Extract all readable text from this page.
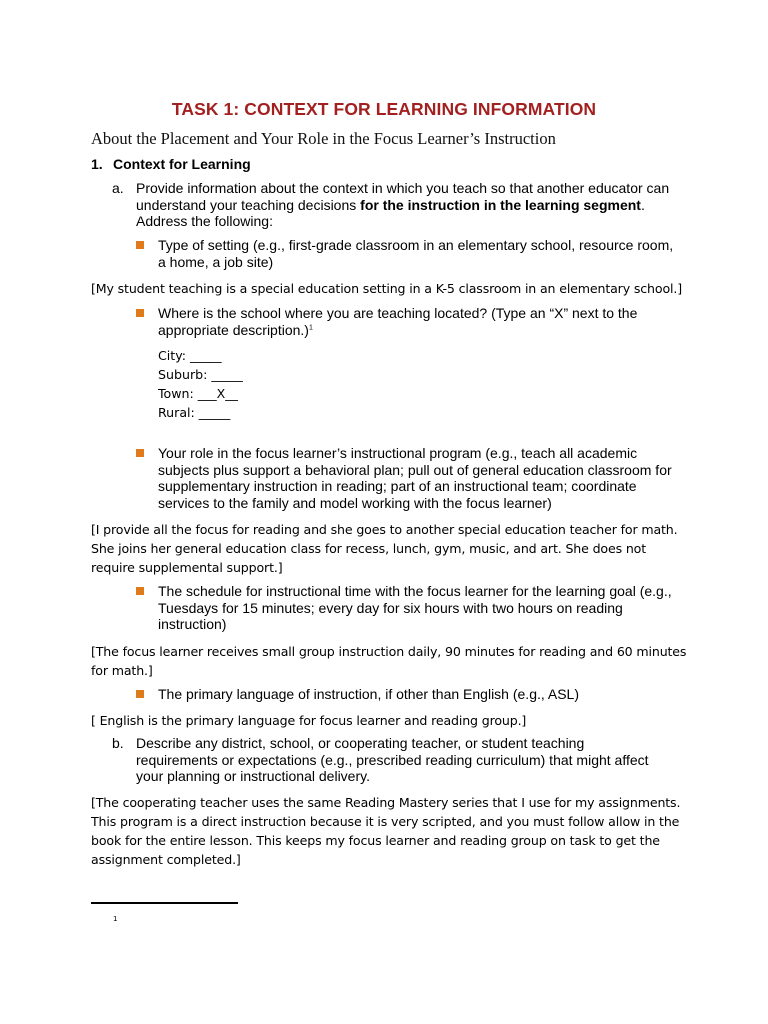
TASK 1: CONTEXT FOR LEARNING INFORMATION
About the Placement and Your Role in the Focus Learner’s Instruction
1. Context for Learning
a. Provide information about the context in which you teach so that another educator can understand your teaching decisions for the instruction in the learning segment. Address the following:
Type of setting (e.g., first-grade classroom in an elementary school, resource room, a home, a job site)
[My student teaching is a special education setting in a K-5 classroom in an elementary school.]
Where is the school where you are teaching located? (Type an “X” next to the appropriate description.)$^1$
City: _____
Suburb: _____
Town: ___X__
Rural: _____
Your role in the focus learner’s instructional program (e.g., teach all academic subjects plus support a behavioral plan; pull out of general education classroom for supplementary instruction in reading; part of an instructional team; coordinate services to the family and model working with the focus learner)
[I provide all the focus for reading and she goes to another special education teacher for math. She joins her general education class for recess, lunch, gym, music, and art. She does not require supplemental support.]
The schedule for instructional time with the focus learner for the learning goal (e.g., Tuesdays for 15 minutes; every day for six hours with two hours on reading instruction)
[The focus learner receives small group instruction daily, 90 minutes for reading and 60 minutes for math.]
The primary language of instruction, if other than English (e.g., ASL)
[ English is the primary language for focus learner and reading group.]
b. Describe any district, school, or cooperating teacher, or student teaching requirements or expectations (e.g., prescribed reading curriculum) that might affect your planning or instructional delivery.
[The cooperating teacher uses the same Reading Mastery series that I use for my assignments. This program is a direct instruction because it is very scripted, and you must follow allow in the book for the entire lesson. This keeps my focus learner and reading group on task to get the assignment completed.]
1
